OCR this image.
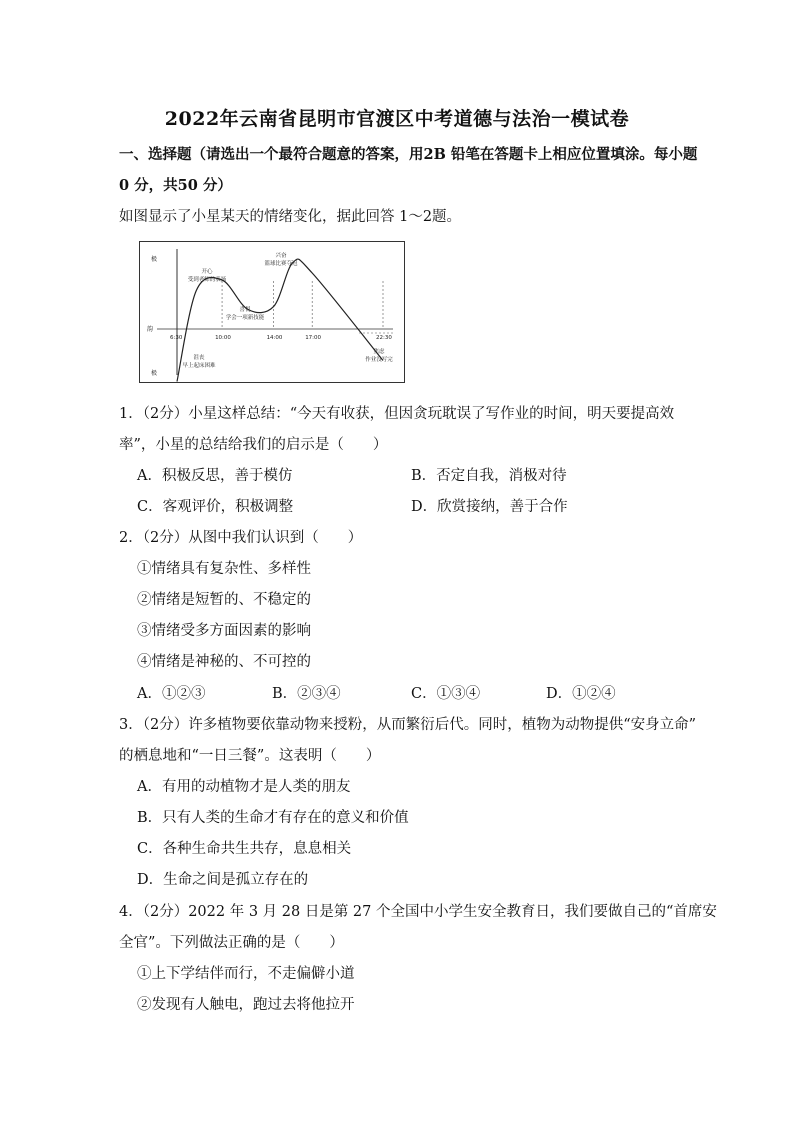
2022年云南省昆明市官渡区中考道德与法治一模试卷
一、选择题（请选出一个最符合题意的答案，用2B 铅笔在答题卡上相应位置填涂。每小题
0 分，共50 分）
如图显示了小星某天的情绪变化，据此回答 1～2题。
极
韵
极
6:30	10:00	14:00	17:00	22:30
沮丧
早上起床困难
开心
受到老师的表扬
喜悦
学会一项新技能
兴奋
篮球比赛夺冠
焦虑
作业没写完
1．（2分）小星这样总结：“今天有收获，但因贪玩耽误了写作业的时间，明天要提高效
率”，小星的总结给我们的启示是（　　）
A．积极反思，善于模仿	B．否定自我，消极对待
C．客观评价，积极调整	D．欣赏接纳，善于合作
2．（2分）从图中我们认识到（　　）
①情绪具有复杂性、多样性
②情绪是短暂的、不稳定的
③情绪受多方面因素的影响
④情绪是神秘的、不可控的
A．①②③	B．②③④	C．①③④	D．①②④
3．（2分）许多植物要依靠动物来授粉，从而繁衍后代。同时，植物为动物提供“安身立命”
的栖息地和“一日三餐”。这表明（　　）
A．有用的动植物才是人类的朋友
B．只有人类的生命才有存在的意义和价值
C．各种生命共生共存，息息相关
D．生命之间是孤立存在的
4．（2分）2022 年 3 月 28 日是第 27 个全国中小学生安全教育日，我们要做自己的“首席安
全官”。下列做法正确的是（　　）
①上下学结伴而行，不走偏僻小道
②发现有人触电，跑过去将他拉开
